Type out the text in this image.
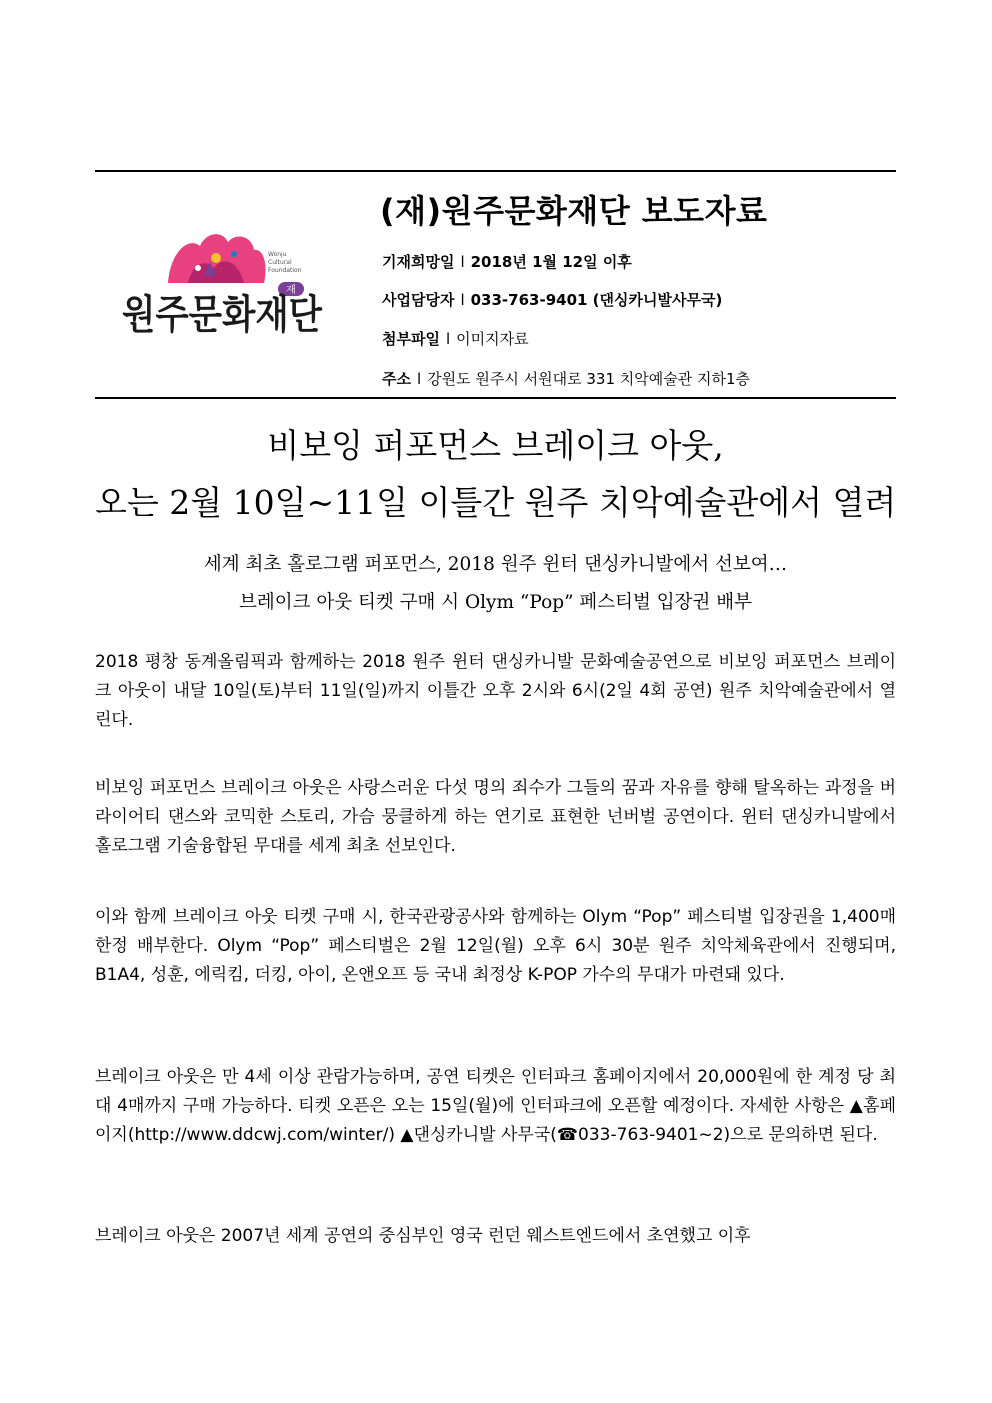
재
Wonju
Cultural
Foundation
원주문화재단
(재)원주문화재단 보도자료
기재희망일 l 2018년 1월 12일 이후
사업담당자 l 033-763-9401 (댄싱카니발사무국)
첨부파일 l 이미지자료
주소 l 강원도 원주시 서원대로 331 치악예술관 지하1층
비보잉 퍼포먼스 브레이크 아웃,
오는 2월 10일~11일 이틀간 원주 치악예술관에서 열려
세계 최초 홀로그램 퍼포먼스, 2018 원주 윈터 댄싱카니발에서 선보여…
브레이크 아웃 티켓 구매 시 Olym “Pop” 페스티벌 입장권 배부

2018 평창 동계올림픽과 함께하는 2018 원주 윈터 댄싱카니발 문화예술공연으로 비보잉 퍼포먼스 브레이크 아웃이 내달 10일(토)부터 11일(일)까지 이틀간 오후 2시와 6시(2일 4회 공연) 원주 치악예술관에서 열린다.

비보잉 퍼포먼스 브레이크 아웃은 사랑스러운 다섯 명의 죄수가 그들의 꿈과 자유를 향해 탈옥하는 과정을 버라이어티 댄스와 코믹한 스토리, 가슴 뭉클하게 하는 연기로 표현한 넌버벌 공연이다. 윈터 댄싱카니발에서 홀로그램 기술융합된 무대를 세계 최초 선보인다.

이와 함께 브레이크 아웃 티켓 구매 시, 한국관광공사와 함께하는 Olym “Pop” 페스티벌 입장권을 1,400매 한정 배부한다. Olym “Pop” 페스티벌은 2월 12일(월) 오후 6시 30분 원주 치악체육관에서 진행되며, B1A4, 성훈, 에릭킴, 더킹, 아이, 온앤오프 등 국내 최정상 K-POP 가수의 무대가 마련돼 있다.

브레이크 아웃은 만 4세 이상 관람가능하며, 공연 티켓은 인터파크 홈페이지에서 20,000원에 한 계정 당 최대 4매까지 구매 가능하다. 티켓 오픈은 오는 15일(월)에 인터파크에 오픈할 예정이다. 자세한 사항은 ▲홈페이지(http://www.ddcwj.com/winter/) ▲댄싱카니발 사무국(☎033-763-9401~2)으로 문의하면 된다.

브레이크 아웃은 2007년 세계 공연의 중심부인 영국 런던 웨스트엔드에서 초연했고 이후
